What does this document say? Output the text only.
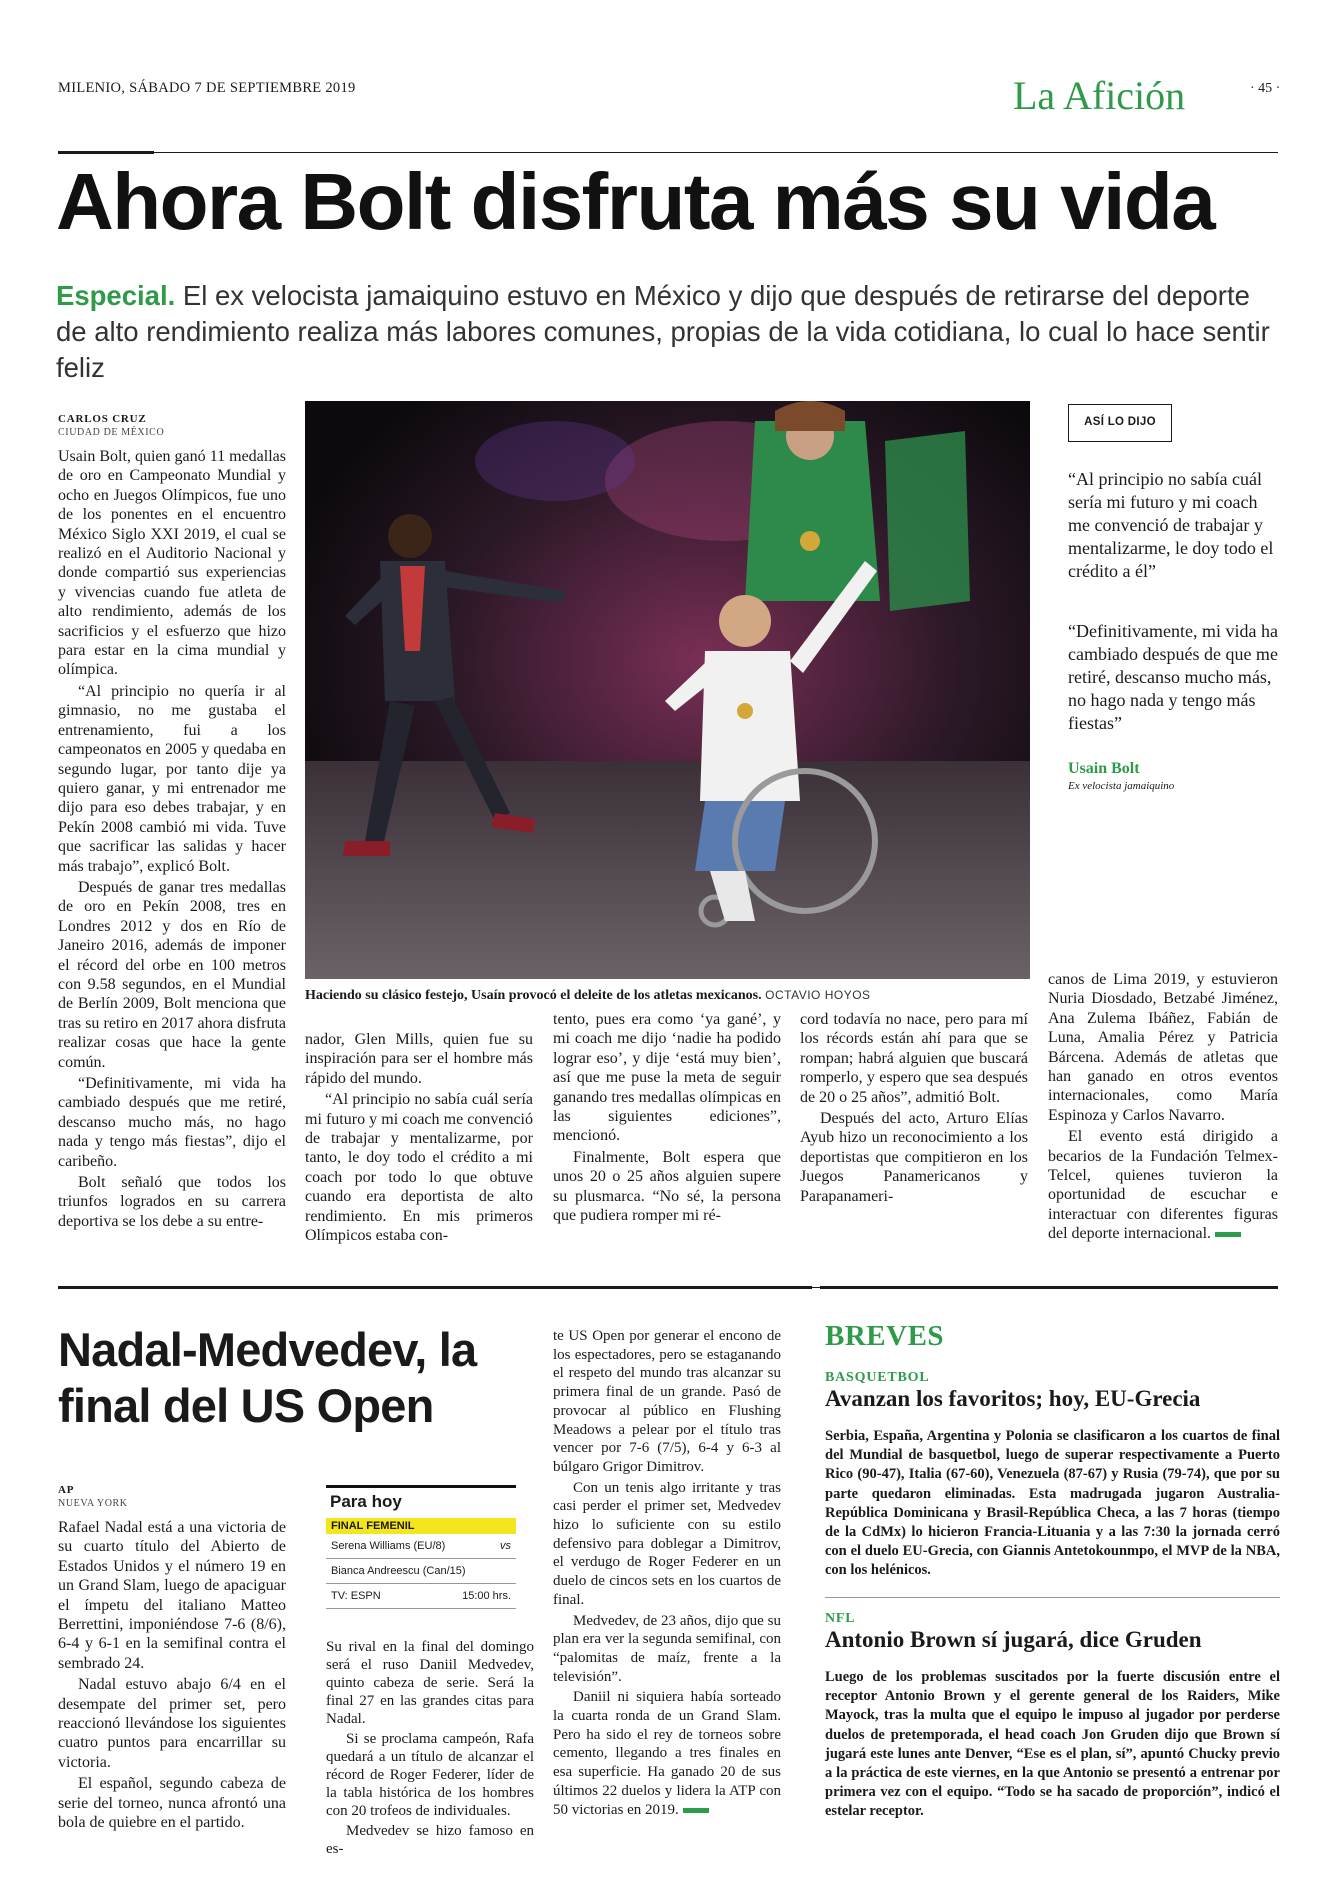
MILENIO, SÁBADO 7 DE SEPTIEMBRE 2019	La Afición	· 45 ·
Ahora Bolt disfruta más su vida
Especial. El ex velocista jamaiquino estuvo en México y dijo que después de retirarse del deporte de alto rendimiento realiza más labores comunes, propias de la vida cotidiana, lo cual lo hace sentir feliz
CARLOS CRUZ
CIUDAD DE MÉXICO

Usain Bolt, quien ganó 11 medallas de oro en Campeonato Mundial y ocho en Juegos Olímpicos, fue uno de los ponentes en el encuentro México Siglo XXI 2019, el cual se realizó en el Auditorio Nacional y donde compartió sus experiencias y vivencias cuando fue atleta de alto rendimiento, además de los sacrificios y el esfuerzo que hizo para estar en la cima mundial y olímpica.

“Al principio no quería ir al gimnasio, no me gustaba el entrenamiento, fui a los campeonatos en 2005 y quedaba en segundo lugar, por tanto dije ya quiero ganar, y mi entrenador me dijo para eso debes trabajar, y en Pekín 2008 cambió mi vida. Tuve que sacrificar las salidas y hacer más trabajo”, explicó Bolt.

Después de ganar tres medallas de oro en Pekín 2008, tres en Londres 2012 y dos en Río de Janeiro 2016, además de imponer el récord del orbe en 100 metros con 9.58 segundos, en el Mundial de Berlín 2009, Bolt menciona que tras su retiro en 2017 ahora disfruta realizar cosas que hace la gente común.

“Definitivamente, mi vida ha cambiado después que me retiré, descanso mucho más, no hago nada y tengo más fiestas”, dijo el caribeño.

Bolt señaló que todos los triunfos logrados en su carrera deportiva se los debe a su entre-

Haciendo su clásico festejo, Usaín provocó el deleite de los atletas mexicanos. OCTAVIO HOYOS
ASÍ LO DIJO
“Al principio no sabía cuál sería mi futuro y mi coach me convenció de trabajar y mentalizarme, le doy todo el crédito a él”
“Definitivamente, mi vida ha cambiado después de que me retiré, descanso mucho más, no hago nada y tengo más fiestas”
Usain Bolt
Ex velocista jamaiquino

nador, Glen Mills, quien fue su inspiración para ser el hombre más rápido del mundo.

“Al principio no sabía cuál sería mi futuro y mi coach me convenció de trabajar y mentalizarme, por tanto, le doy todo el crédito a mi coach por todo lo que obtuve cuando era deportista de alto rendimiento. En mis primeros Olímpicos estaba con-

tento, pues era como ‘ya gané’, y mi coach me dijo ‘nadie ha podido lograr eso’, y dije ‘está muy bien’, así que me puse la meta de seguir ganando tres medallas olímpicas en las siguientes ediciones”, mencionó.

Finalmente, Bolt espera que unos 20 o 25 años alguien supere su plusmarca. “No sé, la persona que pudiera romper mi ré-

cord todavía no nace, pero para mí los récords están ahí para que se rompan; habrá alguien que buscará romperlo, y espero que sea después de 20 o 25 años”, admitió Bolt.

Después del acto, Arturo Elías Ayub hizo un reconocimiento a los deportistas que compitieron en los Juegos Panamericanos y Parapanameri-

canos de Lima 2019, y estuvieron Nuria Diosdado, Betzabé Jiménez, Ana Zulema Ibáñez, Fabián de Luna, Amalia Pérez y Patricia Bárcena. Además de atletas que han ganado en otros eventos internacionales, como María Espinoza y Carlos Navarro.

El evento está dirigido a becarios de la Fundación Telmex-Telcel, quienes tuvieron la oportunidad de escuchar e interactuar con diferentes figuras del deporte internacional.

Nadal-Medvedev, la final del US Open
AP
NUEVA YORK

Rafael Nadal está a una victoria de su cuarto título del Abierto de Estados Unidos y el número 19 en un Grand Slam, luego de apaciguar el ímpetu del italiano Matteo Berrettini, imponiéndose 7-6 (8/6), 6-4 y 6-1 en la semifinal contra el sembrado 24.

Nadal estuvo abajo 6/4 en el desempate del primer set, pero reaccionó llevándose los siguientes cuatro puntos para encarrillar su victoria.

El español, segundo cabeza de serie del torneo, nunca afrontó una bola de quiebre en el partido.

Para hoy
FINAL FEMENIL
Serena Williams (EU/8)	vs
Bianca Andreescu (Can/15)
TV: ESPN	15:00 hrs.

Su rival en la final del domingo será el ruso Daniil Medvedev, quinto cabeza de serie. Será la final 27 en las grandes citas para Nadal.

Si se proclama campeón, Rafa quedará a un título de alcanzar el récord de Roger Federer, líder de la tabla histórica de los hombres con 20 trofeos de individuales.

Medvedev se hizo famoso en es-

te US Open por generar el encono de los espectadores, pero se estaganando el respeto del mundo tras alcanzar su primera final de un grande. Pasó de provocar al público en Flushing Meadows a pelear por el título tras vencer por 7-6 (7/5), 6-4 y 6-3 al búlgaro Grigor Dimitrov.

Con un tenis algo irritante y tras casi perder el primer set, Medvedev hizo lo suficiente con su estilo defensivo para doblegar a Dimitrov, el verdugo de Roger Federer en un duelo de cincos sets en los cuartos de final.

Medvedev, de 23 años, dijo que su plan era ver la segunda semifinal, con “palomitas de maíz, frente a la televisión”.

Daniil ni siquiera había sorteado la cuarta ronda de un Grand Slam. Pero ha sido el rey de torneos sobre cemento, llegando a tres finales en esa superficie. Ha ganado 20 de sus últimos 22 duelos y lidera la ATP con 50 victorias en 2019.

BREVES
BASQUETBOL
Avanzan los favoritos; hoy, EU-Grecia
Serbia, España, Argentina y Polonia se clasificaron a los cuartos de final del Mundial de basquetbol, luego de superar respectivamente a Puerto Rico (90-47), Italia (67-60), Venezuela (87-67) y Rusia (79-74), que por su parte quedaron eliminadas. Esta madrugada jugaron Australia-República Dominicana y Brasil-República Checa, a las 7 horas (tiempo de la CdMx) lo hicieron Francia-Lituania y a las 7:30 la jornada cerró con el duelo EU-Grecia, con Giannis Antetokounmpo, el MVP de la NBA, con los helénicos.
NFL
Antonio Brown sí jugará, dice Gruden
Luego de los problemas suscitados por la fuerte discusión entre el receptor Antonio Brown y el gerente general de los Raiders, Mike Mayock, tras la multa que el equipo le impuso al jugador por perderse duelos de pretemporada, el head coach Jon Gruden dijo que Brown sí jugará este lunes ante Denver, “Ese es el plan, sí”, apuntó Chucky previo a la práctica de este viernes, en la que Antonio se presentó a entrenar por primera vez con el equipo. “Todo se ha sacado de proporción”, indicó el estelar receptor.
